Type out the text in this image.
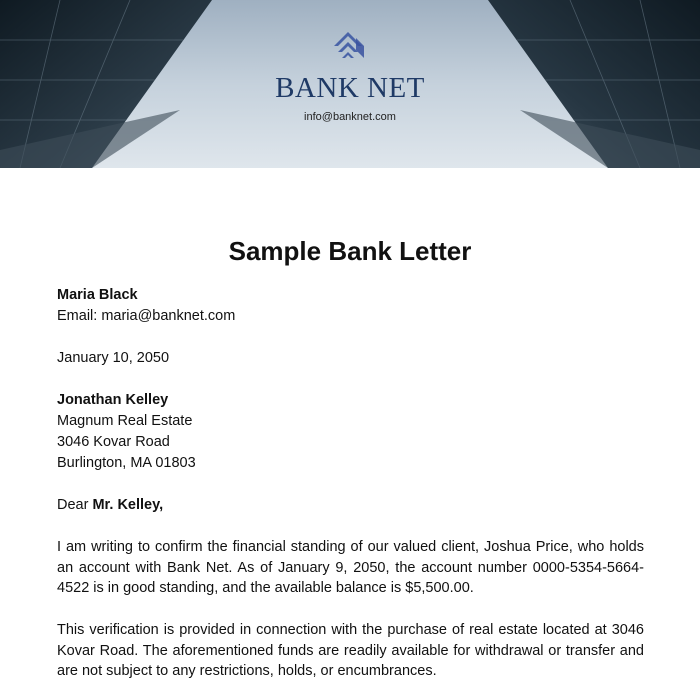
BANK NET
info@banknet.com
Sample Bank Letter
Maria Black
Email: maria@banknet.com
January 10, 2050
Jonathan Kelley
Magnum Real Estate
3046 Kovar Road
Burlington, MA 01803
Dear Mr. Kelley,
I am writing to confirm the financial standing of our valued client, Joshua Price, who holds an account with Bank Net. As of January 9, 2050, the account number 0000-5354-5664-4522 is in good standing, and the available balance is $5,500.00.
This verification is provided in connection with the purchase of real estate located at 3046 Kovar Road. The aforementioned funds are readily available for withdrawal or transfer and are not subject to any restrictions, holds, or encumbrances.
